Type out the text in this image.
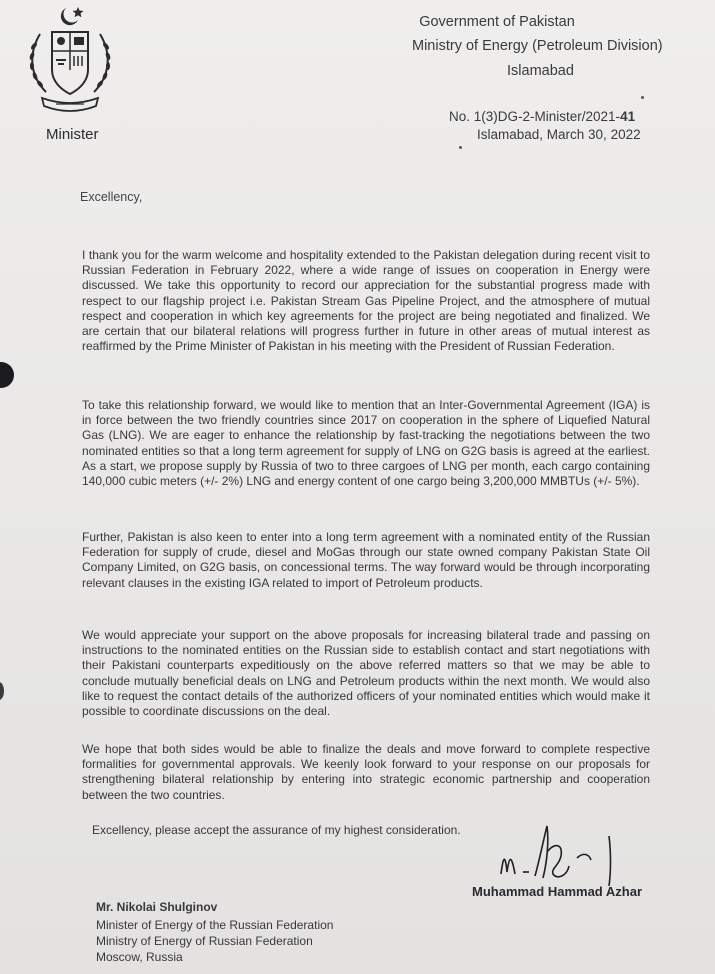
Minister
Government of Pakistan
Ministry of Energy (Petroleum Division)
Islamabad
No. 1(3)DG-2-Minister/2021-41
Islamabad, March 30, 2022
Excellency,
I thank you for the warm welcome and hospitality extended to the Pakistan delegation during recent visit to Russian Federation in February 2022, where a wide range of issues on cooperation in Energy were discussed. We take this opportunity to record our appreciation for the substantial progress made with respect to our flagship project i.e. Pakistan Stream Gas Pipeline Project, and the atmosphere of mutual respect and cooperation in which key agreements for the project are being negotiated and finalized. We are certain that our bilateral relations will progress further in future in other areas of mutual interest as reaffirmed by the Prime Minister of Pakistan in his meeting with the President of Russian Federation.
To take this relationship forward, we would like to mention that an Inter-Governmental Agreement (IGA) is in force between the two friendly countries since 2017 on cooperation in the sphere of Liquefied Natural Gas (LNG). We are eager to enhance the relationship by fast-tracking the negotiations between the two nominated entities so that a long term agreement for supply of LNG on G2G basis is agreed at the earliest. As a start, we propose supply by Russia of two to three cargoes of LNG per month, each cargo containing 140,000 cubic meters (+/- 2%) LNG and energy content of one cargo being 3,200,000 MMBTUs (+/- 5%).
Further, Pakistan is also keen to enter into a long term agreement with a nominated entity of the Russian Federation for supply of crude, diesel and MoGas through our state owned company Pakistan State Oil Company Limited, on G2G basis, on concessional terms. The way forward would be through incorporating relevant clauses in the existing IGA related to import of Petroleum products.
We would appreciate your support on the above proposals for increasing bilateral trade and passing on instructions to the nominated entities on the Russian side to establish contact and start negotiations with their Pakistani counterparts expeditiously on the above referred matters so that we may be able to conclude mutually beneficial deals on LNG and Petroleum products within the next month. We would also like to request the contact details of the authorized officers of your nominated entities which would make it possible to coordinate discussions on the deal.
We hope that both sides would be able to finalize the deals and move forward to complete respective formalities for governmental approvals. We keenly look forward to your response on our proposals for strengthening bilateral relationship by entering into strategic economic partnership and cooperation between the two countries.
Excellency, please accept the assurance of my highest consideration.
Muhammad Hammad Azhar
Mr. Nikolai Shulginov
Minister of Energy of the Russian Federation
Ministry of Energy of Russian Federation
Moscow, Russia
